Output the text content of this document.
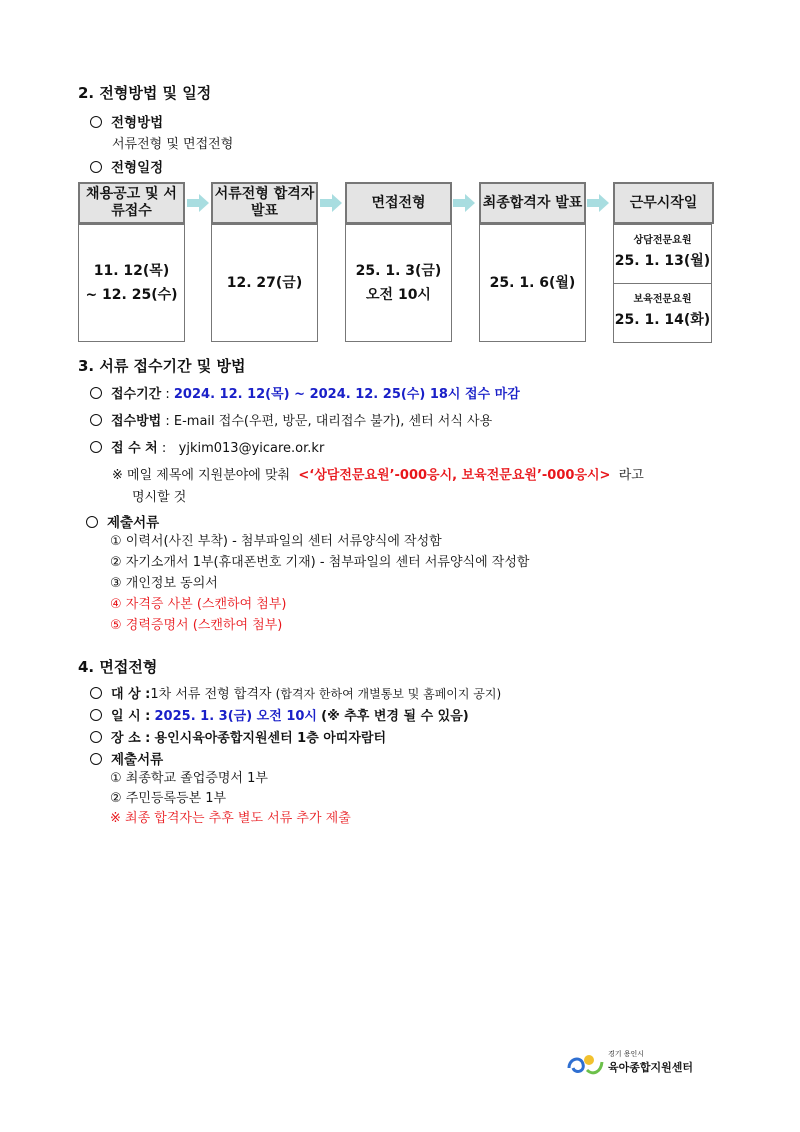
2. 전형방법 및 일정
전형방법
서류전형 및 면접전형
전형일정
채용공고 및 서류접수
11. 12(목)
~ 12. 25(수)
서류전형 합격자발표
12. 27(금)
면접전형
25. 1. 3(금)
오전 10시
최종합격자 발표
25. 1. 6(월)
근무시작일
상담전문요원
25. 1. 13(월)
보육전문요원
25. 1. 14(화)
3. 서류 접수기간 및 방법
접수기간 : 2024. 12. 12(목) ~ 2024. 12. 25(수) 18시 접수 마감
접수방법 : E-mail 접수(우편, 방문, 대리접수 불가), 센터 서식 사용
접 수 처 :   yjkim013@yicare.or.kr
※ 메일 제목에 지원분야에 맞춰 <‘상담전문요원’-000응시, 보육전문요원’-000응시> 라고
명시할 것
제출서류
① 이력서(사진 부착) - 첨부파일의 센터 서류양식에 작성함
② 자기소개서 1부(휴대폰번호 기재) - 첨부파일의 센터 서류양식에 작성함
③ 개인정보 동의서
④ 자격증 사본 (스캔하여 첨부)
⑤ 경력증명서 (스캔하여 첨부)
4. 면접전형
대 상 :1차 서류 전형 합격자 (합격자 한하여 개별통보 및 홈페이지 공지)
일 시 : 2025. 1. 3(금) 오전 10시 (※ 추후 변경 될 수 있음)
장 소 : 용인시육아종합지원센터 1층 아띠자람터
제출서류
① 최종학교 졸업증명서 1부
② 주민등록등본 1부
※ 최종 합격자는 추후 별도 서류 추가 제출
경기 용인시
육아종합지원센터
